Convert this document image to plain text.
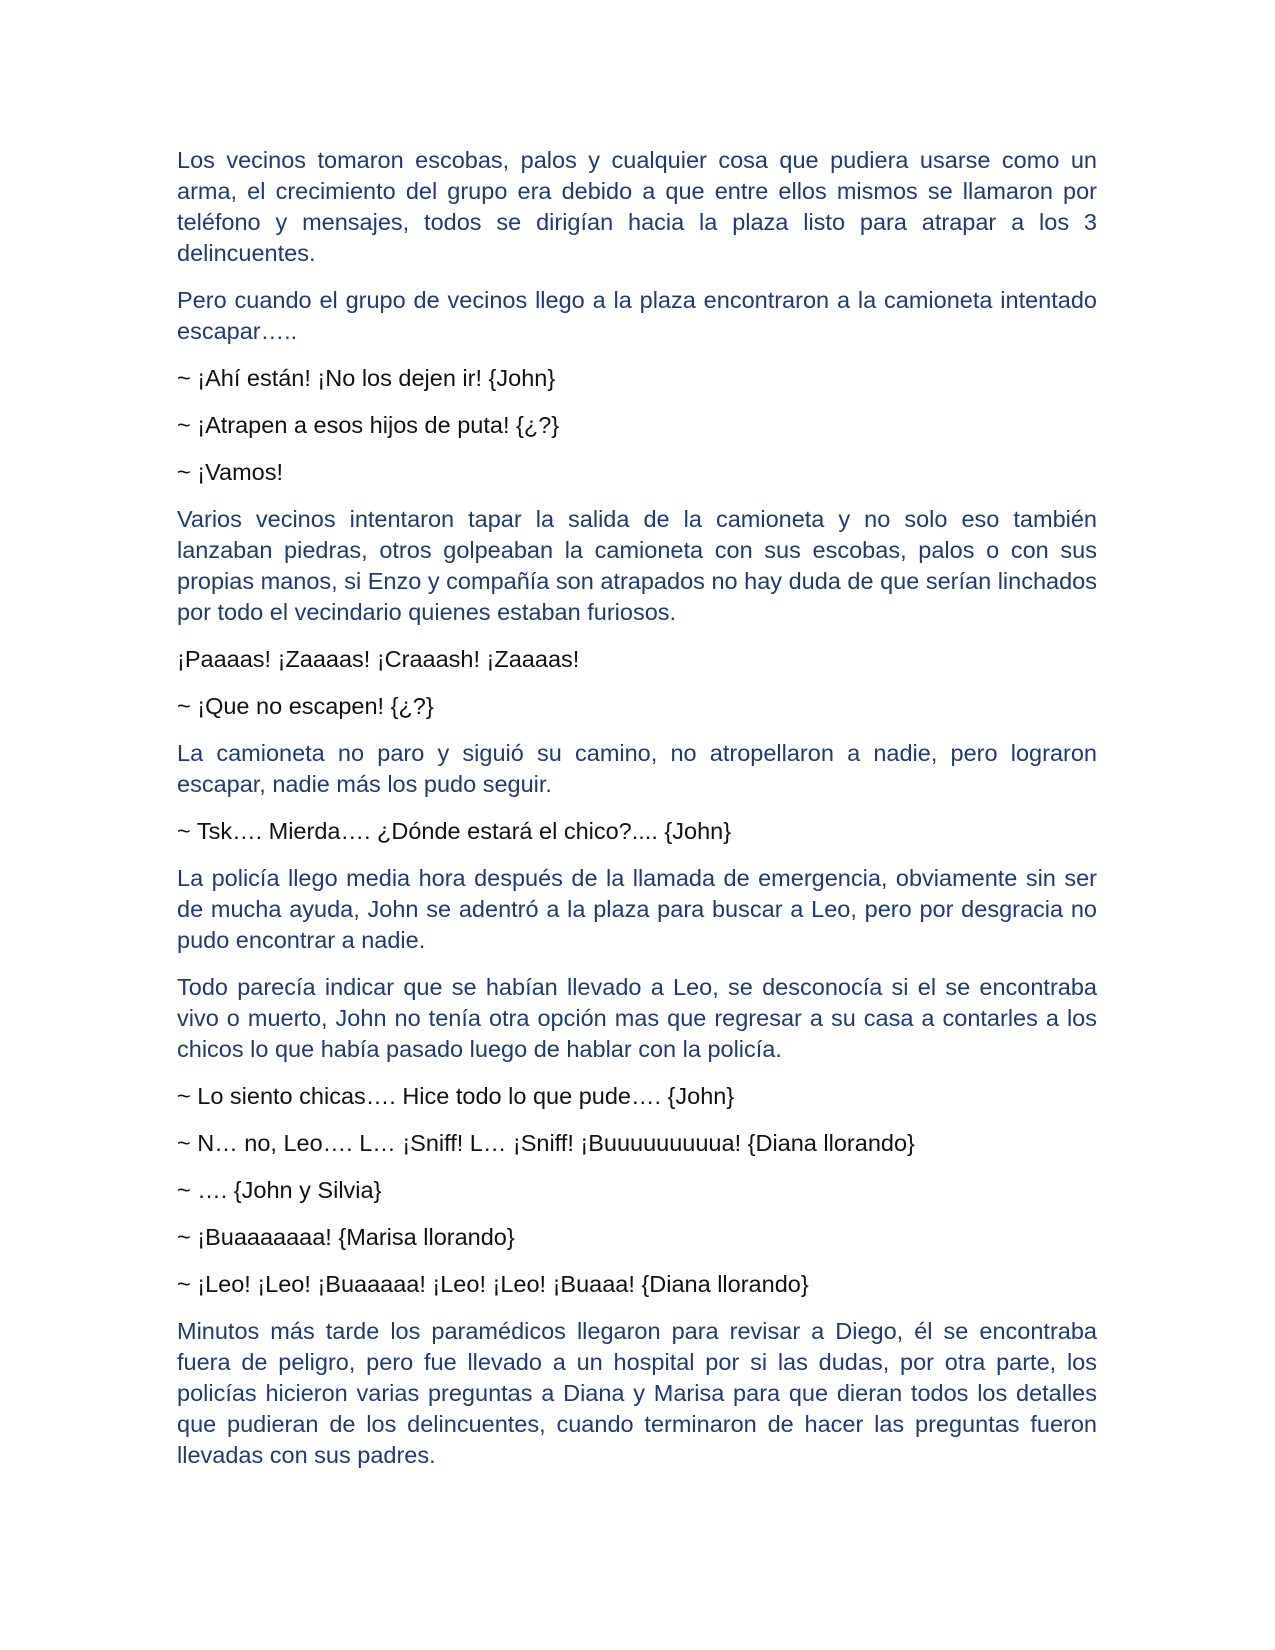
Los vecinos tomaron escobas, palos y cualquier cosa que pudiera usarse como un arma, el crecimiento del grupo era debido a que entre ellos mismos se llamaron por teléfono y mensajes, todos se dirigían hacia la plaza listo para atrapar a los 3 delincuentes.

Pero cuando el grupo de vecinos llego a la plaza encontraron a la camioneta intentado escapar…..

~ ¡Ahí están! ¡No los dejen ir! {John}

~ ¡Atrapen a esos hijos de puta! {¿?}

~ ¡Vamos!

Varios vecinos intentaron tapar la salida de la camioneta y no solo eso también lanzaban piedras, otros golpeaban la camioneta con sus escobas, palos o con sus propias manos, si Enzo y compañía son atrapados no hay duda de que serían linchados por todo el vecindario quienes estaban furiosos.

¡Paaaas! ¡Zaaaas! ¡Craaash! ¡Zaaaas!

~ ¡Que no escapen! {¿?}

La camioneta no paro y siguió su camino, no atropellaron a nadie, pero lograron escapar, nadie más los pudo seguir.

~ Tsk…. Mierda…. ¿Dónde estará el chico?.... {John}

La policía llego media hora después de la llamada de emergencia, obviamente sin ser de mucha ayuda, John se adentró a la plaza para buscar a Leo, pero por desgracia no pudo encontrar a nadie.

Todo parecía indicar que se habían llevado a Leo, se desconocía si el se encontraba vivo o muerto, John no tenía otra opción mas que regresar a su casa a contarles a los chicos lo que había pasado luego de hablar con la policía.

~ Lo siento chicas…. Hice todo lo que pude…. {John}

~ N… no, Leo…. L… ¡Sniff! L… ¡Sniff! ¡Buuuuuuuuua! {Diana llorando}

~ …. {John y Silvia}

~ ¡Buaaaaaaa! {Marisa llorando}

~ ¡Leo! ¡Leo! ¡Buaaaaa! ¡Leo! ¡Leo! ¡Buaaa! {Diana llorando}

Minutos más tarde los paramédicos llegaron para revisar a Diego, él se encontraba fuera de peligro, pero fue llevado a un hospital por si las dudas, por otra parte, los policías hicieron varias preguntas a Diana y Marisa para que dieran todos los detalles que pudieran de los delincuentes, cuando terminaron de hacer las preguntas fueron llevadas con sus padres.
